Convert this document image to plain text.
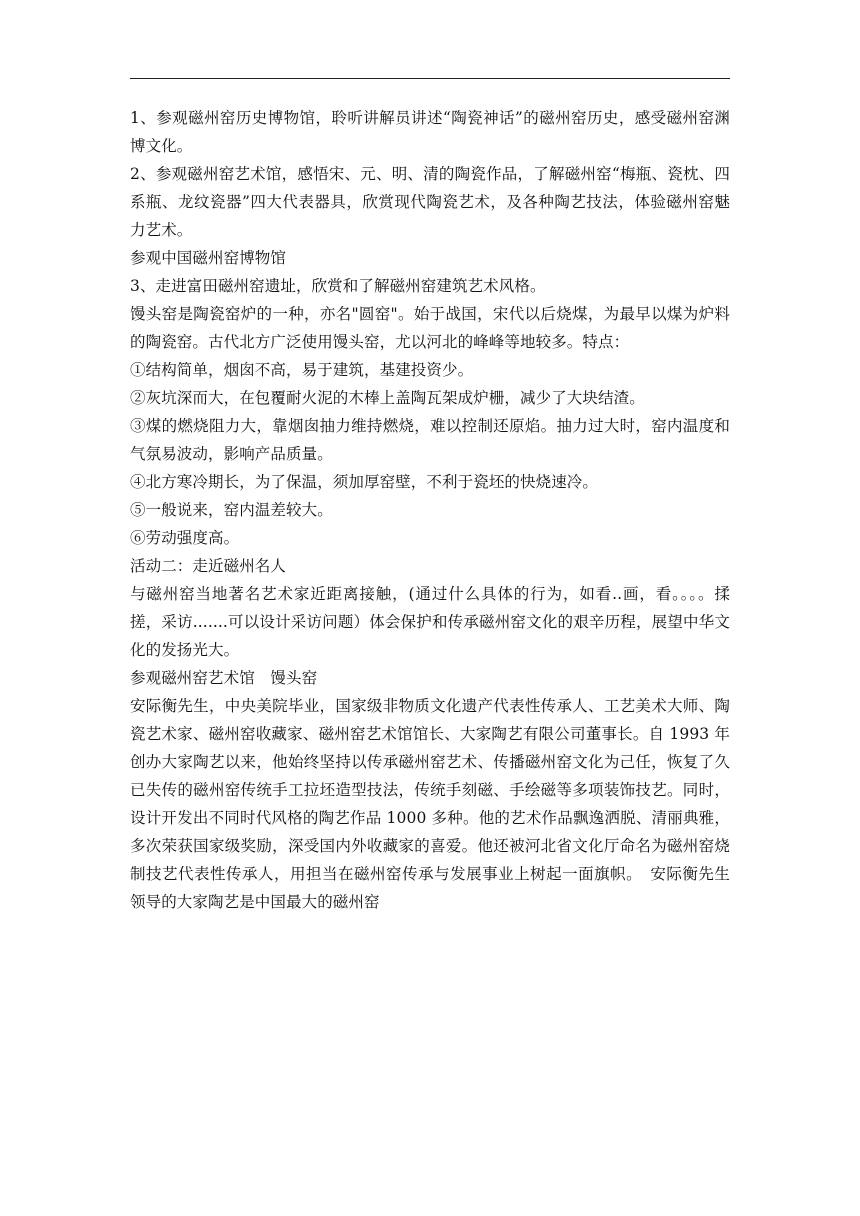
1、参观磁州窑历史博物馆，聆听讲解员讲述“陶瓷神话”的磁州窑历史，感受磁州窑渊博文化。

2、参观磁州窑艺术馆，感悟宋、元、明、清的陶瓷作品，了解磁州窑“梅瓶、瓷枕、四系瓶、龙纹瓷器”四大代表器具，欣赏现代陶瓷艺术，及各种陶艺技法，体验磁州窑魅力艺术。

参观中国磁州窑博物馆

3、走进富田磁州窑遗址，欣赏和了解磁州窑建筑艺术风格。

馒头窑是陶瓷窑炉的一种，亦名"圆窑"。始于战国，宋代以后烧煤，为最早以煤为炉料的陶瓷窑。古代北方广泛使用馒头窑，尤以河北的峰峰等地较多。特点：

①结构简单，烟囱不高，易于建筑，基建投资少。

②灰坑深而大，在包覆耐火泥的木棒上盖陶瓦架成炉栅，减少了大块结渣。

③煤的燃烧阻力大，靠烟囱抽力维持燃烧，难以控制还原焰。抽力过大时，窑内温度和气氛易波动，影响产品质量。

④北方寒冷期长，为了保温，须加厚窑壁，不利于瓷坯的快烧速冷。

⑤一般说来，窑内温差较大。

⑥劳动强度高。

活动二：走近磁州名人

与磁州窑当地著名艺术家近距离接触，(通过什么具体的行为，如看..画，看。。。。揉搓，采访.......可以设计采访问题）体会保护和传承磁州窑文化的艰辛历程，展望中华文化的发扬光大。

参观磁州窑艺术馆　馒头窑

安际衡先生，中央美院毕业，国家级非物质文化遗产代表性传承人、工艺美术大师、陶瓷艺术家、磁州窑收藏家、磁州窑艺术馆馆长、大家陶艺有限公司董事长。自 1993 年创办大家陶艺以来，他始终坚持以传承磁州窑艺术、传播磁州窑文化为己任，恢复了久已失传的磁州窑传统手工拉坯造型技法，传统手刻磁、手绘磁等多项装饰技艺。同时，设计开发出不同时代风格的陶艺作品 1000 多种。他的艺术作品飘逸洒脱、清丽典雅，多次荣获国家级奖励，深受国内外收藏家的喜爱。他还被河北省文化厅命名为磁州窑烧制技艺代表性传承人，用担当在磁州窑传承与发展事业上树起一面旗帜。　安际衡先生领导的大家陶艺是中国最大的磁州窑
